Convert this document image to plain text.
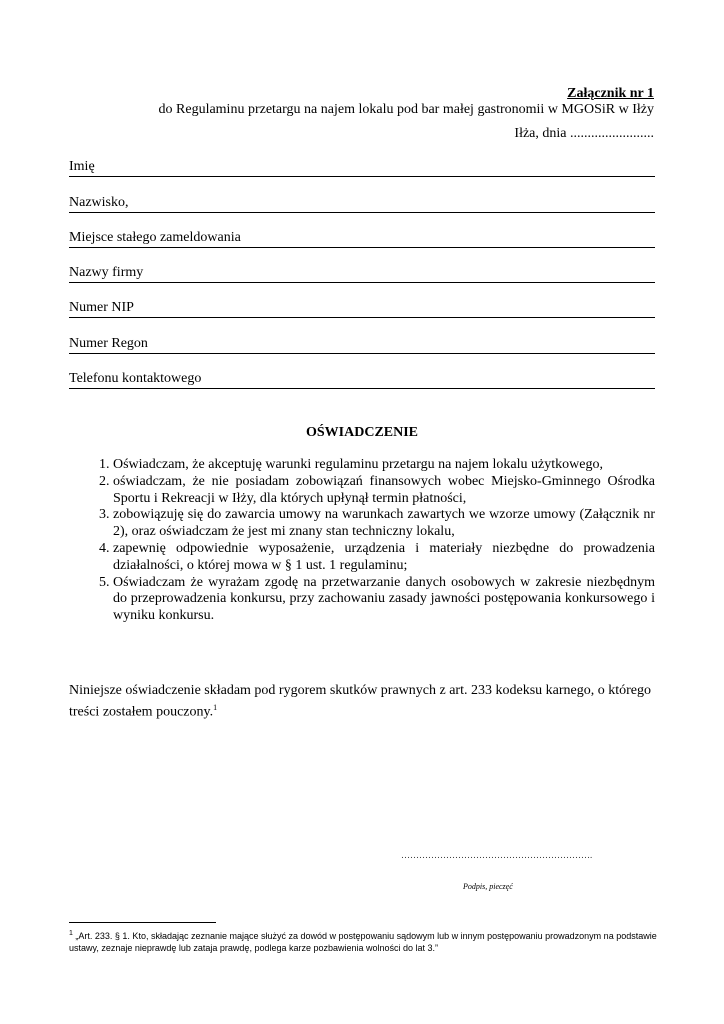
Załącznik nr 1
do Regulaminu przetargu na najem lokalu pod bar małej gastronomii w MGOSiR w Iłży
Iłża, dnia ........................
Imię
Nazwisko,
Miejsce stałego zameldowania
Nazwy firmy
Numer NIP
Numer Regon
Telefonu kontaktowego
OŚWIADCZENIE
1. Oświadczam, że akceptuję warunki regulaminu przetargu na najem lokalu użytkowego,
2. oświadczam, że nie posiadam zobowiązań finansowych wobec Miejsko-Gminnego Ośrodka Sportu i Rekreacji w Iłży, dla których upłynął termin płatności,
3. zobowiązuję się do zawarcia umowy na warunkach zawartych we wzorze umowy (Załącznik nr 2), oraz oświadczam że jest mi znany stan techniczny lokalu,
4. zapewnię odpowiednie wyposażenie, urządzenia i materiały niezbędne do prowadzenia działalności, o której mowa w § 1 ust. 1 regulaminu;
5. Oświadczam że wyrażam zgodę na przetwarzanie danych osobowych w zakresie niezbędnym do przeprowadzenia konkursu, przy zachowaniu zasady jawności postępowania konkursowego i wyniku konkursu.
Niniejsze oświadczenie składam pod rygorem skutków prawnych z art. 233 kodeksu karnego, o którego treści zostałem pouczony.$^1$
……………………………………………………….
Podpis, pieczęć
$^1$ „Art. 233. § 1. Kto, składając zeznanie mające służyć za dowód w postępowaniu sądowym lub w innym postępowaniu prowadzonym na podstawie ustawy, zeznaje nieprawdę lub zataja prawdę, podlega karze pozbawienia wolności do lat 3.”
